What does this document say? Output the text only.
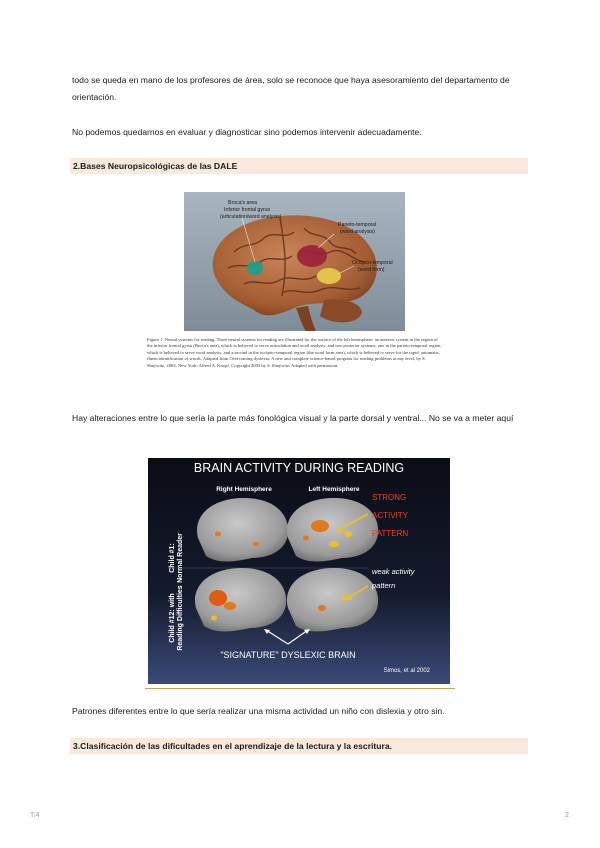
todo se queda en mano de los profesores de área, solo se reconoce que haya asesoramiento del departamento de orientación.
No podemos quedarnos en evaluar y diagnosticar sino podemos intervenir adecuadamente.
2.Bases Neuropsicológicas de las DALE
Broca's area
Inferior frontal gyrus
(articulation/word analysis)
Parieto-temporal
(word analysis)
Occipito-temporal
(word form)
Figure 1. Neural systems for reading. Three neural systems for reading are illustrated for the surface of the left hemisphere: an anterior system in the region of the inferior frontal gyrus (Broca's area), which is believed to serve articulation and word analysis, and two posterior systems, one in the parieto-temporal region, which is believed to serve word analysis, and a second in the occipito-temporal region (the word form area), which is believed to serve for the rapid, automatic, fluent identification of words. Adapted from Overcoming dyslexia: A new and complete science-based program for reading problems at any level, by S. Shaywitz, 2003, New York: Alfred A. Knopf. Copyright 2003 by S. Shaywitz. Adapted with permission.
Hay alteraciones entre lo que sería la parte más fonológica visual y la parte dorsal y ventral... No se va a meter aquí
BRAIN ACTIVITY DURING READING
Right Hemisphere	Left Hemisphere
Child #1: Normal Reader
Child #12: with Reading Difficulties
STRONG
ACTIVITY
PATTERN
weak activity
pattern
"SIGNATURE" DYSLEXIC BRAIN
Simos, et al 2002
Patrones diferentes entre lo que sería realizar una misma actividad un niño con dislexia y otro sin.
3.Clasificación de las dificultades en el aprendizaje de la lectura y la escritura.
T.4	2
